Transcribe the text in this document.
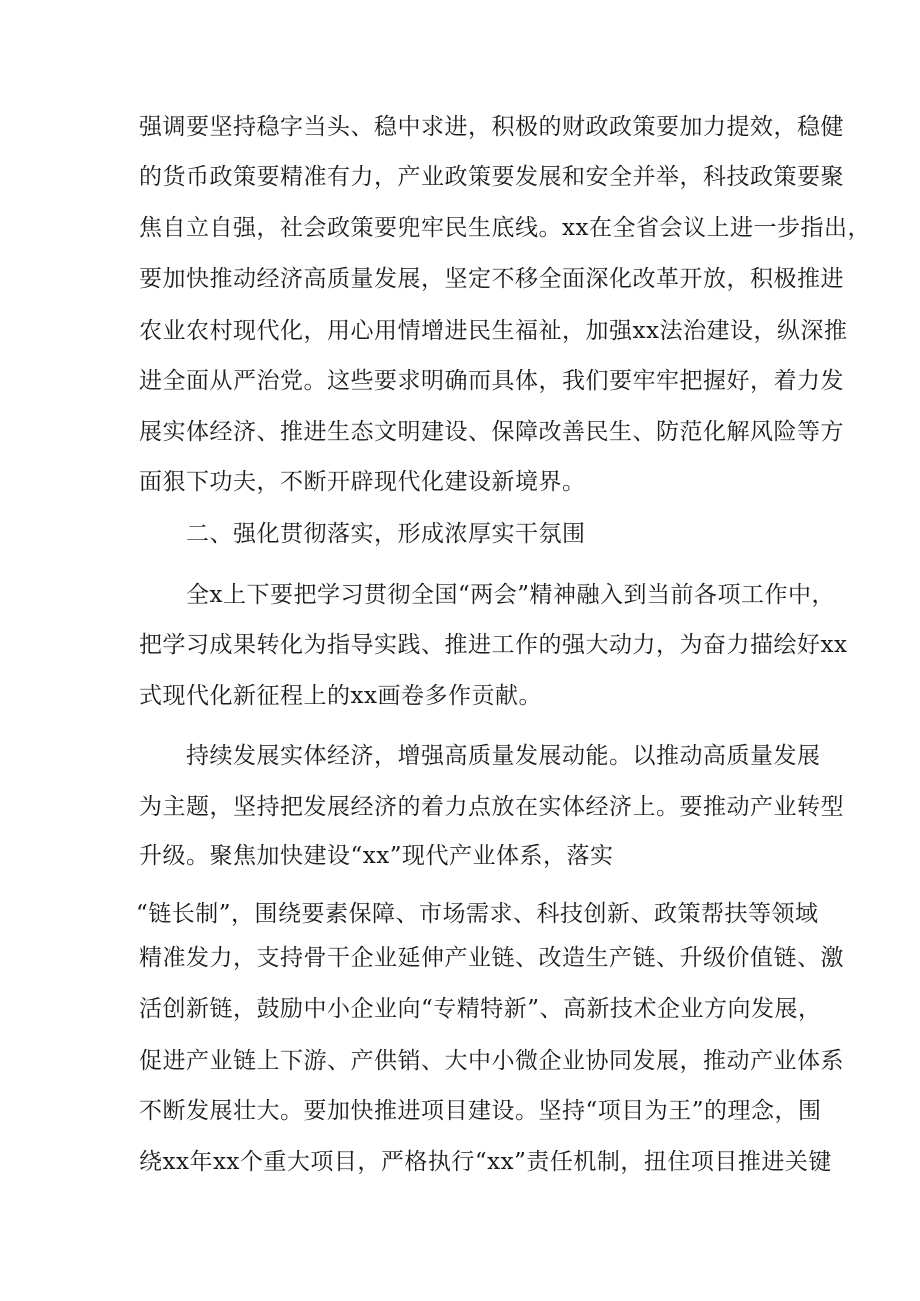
强调要坚持稳字当头、稳中求进，积极的财政政策要加力提效，稳健
的货币政策要精准有力，产业政策要发展和安全并举，科技政策要聚
焦自立自强，社会政策要兜牢民生底线。xx在全省会议上进一步指出，
要加快推动经济高质量发展，坚定不移全面深化改革开放，积极推进
农业农村现代化，用心用情增进民生福祉，加强xx法治建设，纵深推
进全面从严治党。这些要求明确而具体，我们要牢牢把握好，着力发
展实体经济、推进生态文明建设、保障改善民生、防范化解风险等方
面狠下功夫，不断开辟现代化建设新境界。
二、强化贯彻落实，形成浓厚实干氛围
全x上下要把学习贯彻全国“两会”精神融入到当前各项工作中，
把学习成果转化为指导实践、推进工作的强大动力，为奋力描绘好xx
式现代化新征程上的xx画卷多作贡献。
持续发展实体经济，增强高质量发展动能。以推动高质量发展
为主题，坚持把发展经济的着力点放在实体经济上。要推动产业转型
升级。聚焦加快建设“xx”现代产业体系，落实
“链长制”，围绕要素保障、市场需求、科技创新、政策帮扶等领域
精准发力，支持骨干企业延伸产业链、改造生产链、升级价值链、激
活创新链，鼓励中小企业向“专精特新”、高新技术企业方向发展，
促进产业链上下游、产供销、大中小微企业协同发展，推动产业体系
不断发展壮大。要加快推进项目建设。坚持“项目为王”的理念，围
绕xx年xx个重大项目，严格执行“xx”责任机制，扭住项目推进关键
